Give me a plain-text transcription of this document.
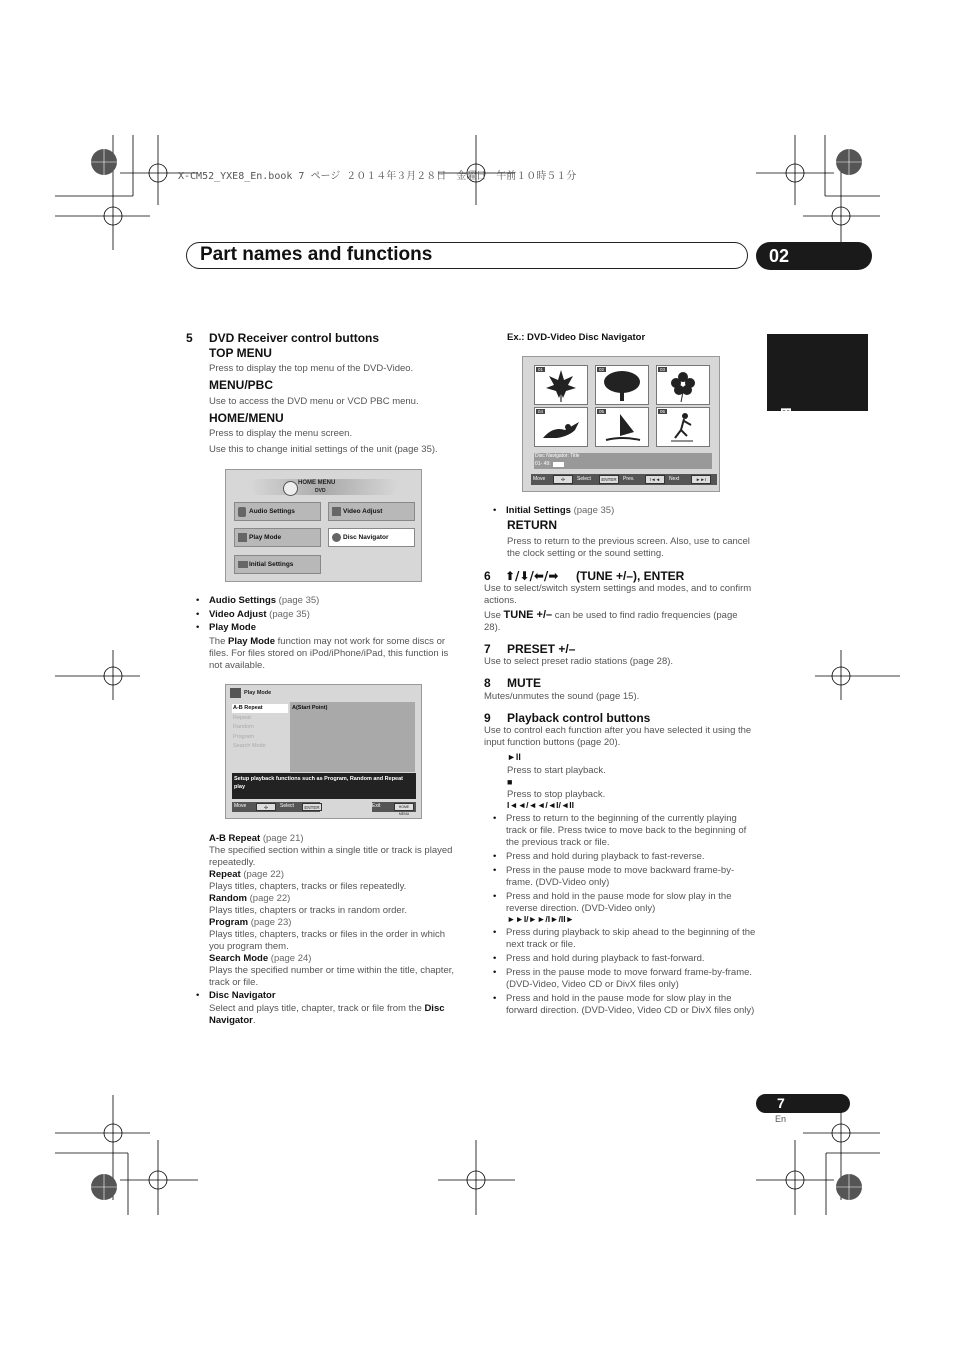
X-CM52_YXE8_En.book 7 ページ ２０１４年３月２８日　金曜日　午前１０時５１分
Part names and functions	02
English
5 DVD Receiver control buttons
TOP MENU
Press to display the top menu of the DVD-Video.
MENU/PBC
Use to access the DVD menu or VCD PBC menu.
HOME/MENU
Press to display the menu screen.
Use this to change initial settings of the unit (page 35).
HOME MENU
DVD
Audio Settings	Video Adjust
Play Mode	Disc Navigator
Initial Settings
• Audio Settings (page 35)
• Video Adjust (page 35)
• Play Mode
The Play Mode function may not work for some discs or files. For files stored on iPod/iPhone/iPad, this function is not available.
Play Mode
A-B Repeat
Repeat
Random
Program
Search Mode
A(Start Point)
B(End Point)
Off
Setup playback functions such as Program, Random and Repeat play
Move	✣	Select	ENTER	Exit	HOME MENU
A-B Repeat (page 21)
The specified section within a single title or track is played repeatedly.
Repeat (page 22)
Plays titles, chapters, tracks or files repeatedly.
Random (page 22)
Plays titles, chapters or tracks in random order.
Program (page 23)
Plays titles, chapters, tracks or files in the order in which you program them.
Search Mode (page 24)
Plays the specified number or time within the title, chapter, track or file.
• Disc Navigator
Select and plays title, chapter, track or file from the Disc Navigator.
Ex.: DVD-Video Disc Navigator
01	02	03
04	05	06
Disc Navigator: Title
01- 49:
Move	✣	Select	ENTER	Prev.	I◄◄	Next	►►I
• Initial Settings (page 35)
RETURN
Press to return to the previous screen. Also, use to cancel the clock setting or the sound setting.
6 ⬆/⬇/⬅/➡ (TUNE +/–), ENTER
Use to select/switch system settings and modes, and to confirm actions.
Use TUNE +/– can be used to find radio frequencies (page 28).
7 PRESET +/–
Use to select preset radio stations (page 28).
8 MUTE
Mutes/unmutes the sound (page 15).
9 Playback control buttons
Use to control each function after you have selected it using the input function buttons (page 20).
►ll
Press to start playback.
■
Press to stop playback.
I◄◄/◄◄/◄I/◄II
• Press to return to the beginning of the currently playing track or file. Press twice to move back to the beginning of the previous track or file.
• Press and hold during playback to fast-reverse.
• Press in the pause mode to move backward frame-by-frame. (DVD-Video only)
• Press and hold in the pause mode for slow play in the reverse direction. (DVD-Video only)
►►I/►►/I►/II►
• Press during playback to skip ahead to the beginning of the next track or file.
• Press and hold during playback to fast-forward.
• Press in the pause mode to move forward frame-by-frame. (DVD-Video, Video CD or DivX files only)
• Press and hold in the pause mode for slow play in the forward direction. (DVD-Video, Video CD or DivX files only)
7
En
